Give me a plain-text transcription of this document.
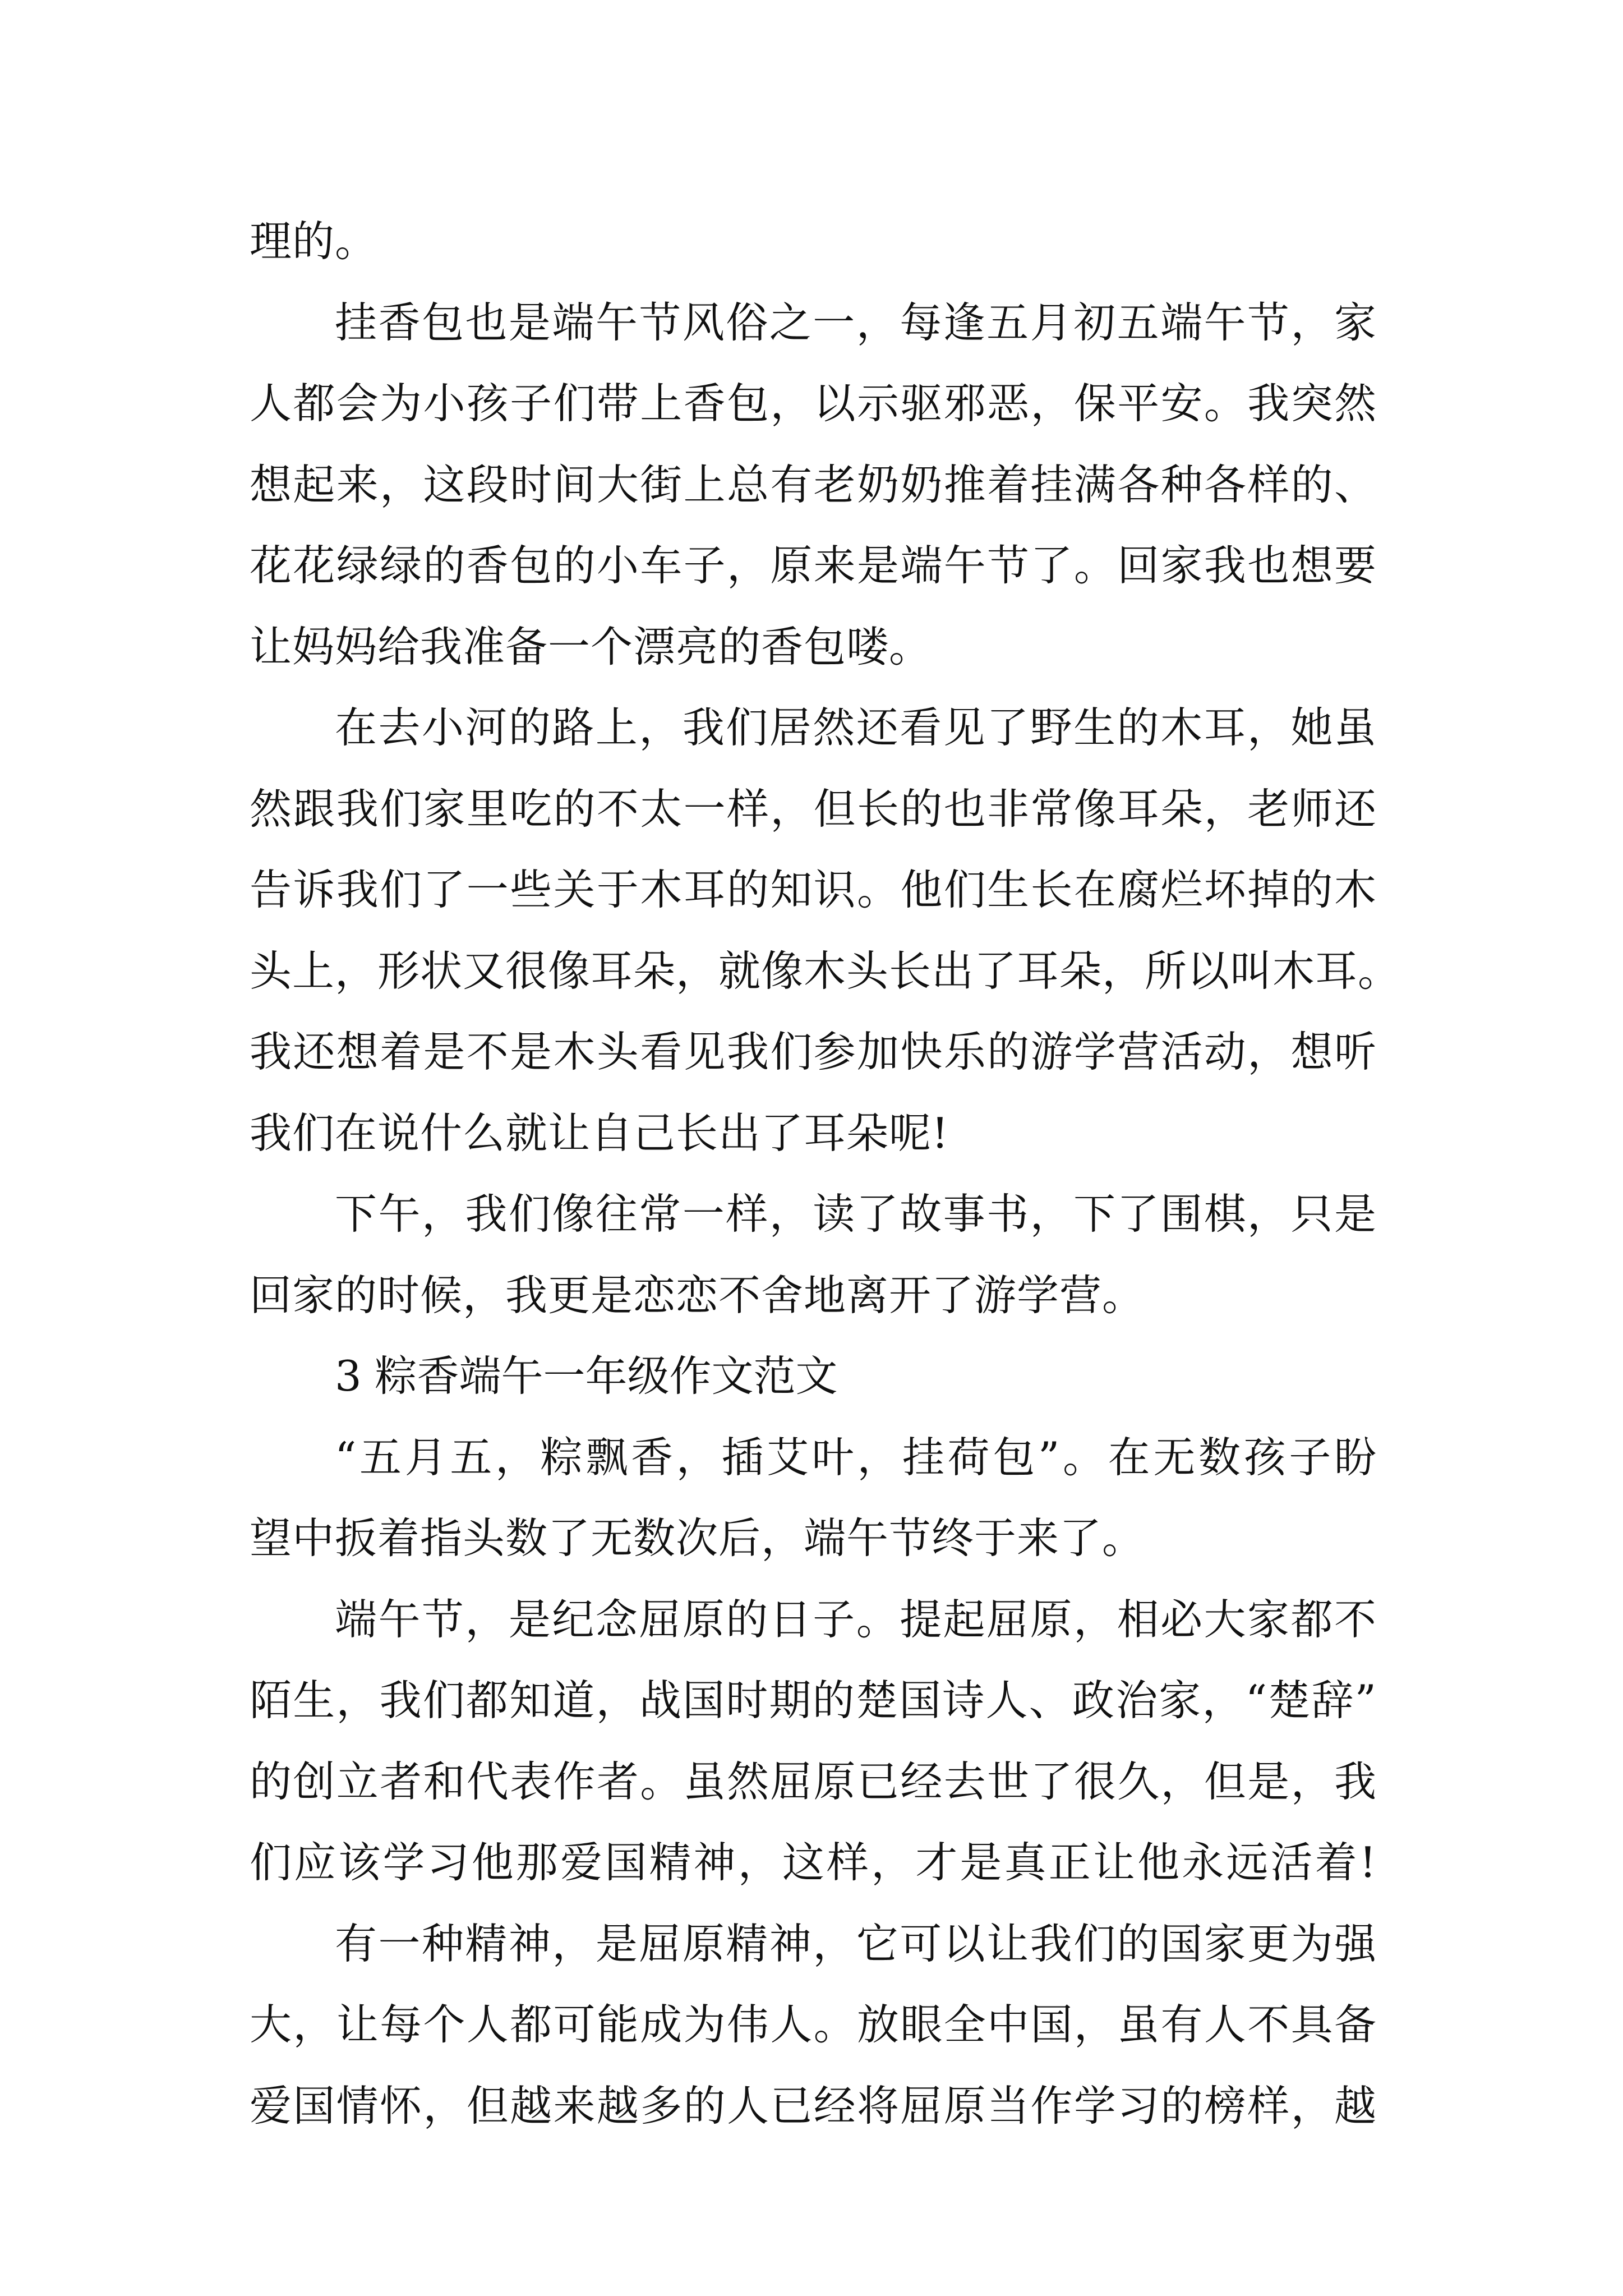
理的。
挂香包也是端午节风俗之一，每逢五月初五端午节，家
人都会为小孩子们带上香包，以示驱邪恶，保平安。我突然
想起来，这段时间大街上总有老奶奶推着挂满各种各样的、
花花绿绿的香包的小车子，原来是端午节了。回家我也想要
让妈妈给我准备一个漂亮的香包喽。
在去小河的路上，我们居然还看见了野生的木耳，她虽
然跟我们家里吃的不太一样，但长的也非常像耳朵，老师还
告诉我们了一些关于木耳的知识。他们生长在腐烂坏掉的木
头上，形状又很像耳朵，就像木头长出了耳朵，所以叫木耳。
我还想着是不是木头看见我们参加快乐的游学营活动，想听
我们在说什么就让自己长出了耳朵呢!
下午，我们像往常一样，读了故事书，下了围棋，只是
回家的时候，我更是恋恋不舍地离开了游学营。
3 粽香端午一年级作文范文
“五月五，粽飘香，插艾叶，挂荷包”。在无数孩子盼
望中扳着指头数了无数次后，端午节终于来了。
端午节，是纪念屈原的日子。提起屈原，相必大家都不
陌生，我们都知道，战国时期的楚国诗人、政治家，“楚辞”
的创立者和代表作者。虽然屈原已经去世了很久，但是，我
们应该学习他那爱国精神，这样，才是真正让他永远活着!
有一种精神，是屈原精神，它可以让我们的国家更为强
大，让每个人都可能成为伟人。放眼全中国，虽有人不具备
爱国情怀，但越来越多的人已经将屈原当作学习的榜样，越
